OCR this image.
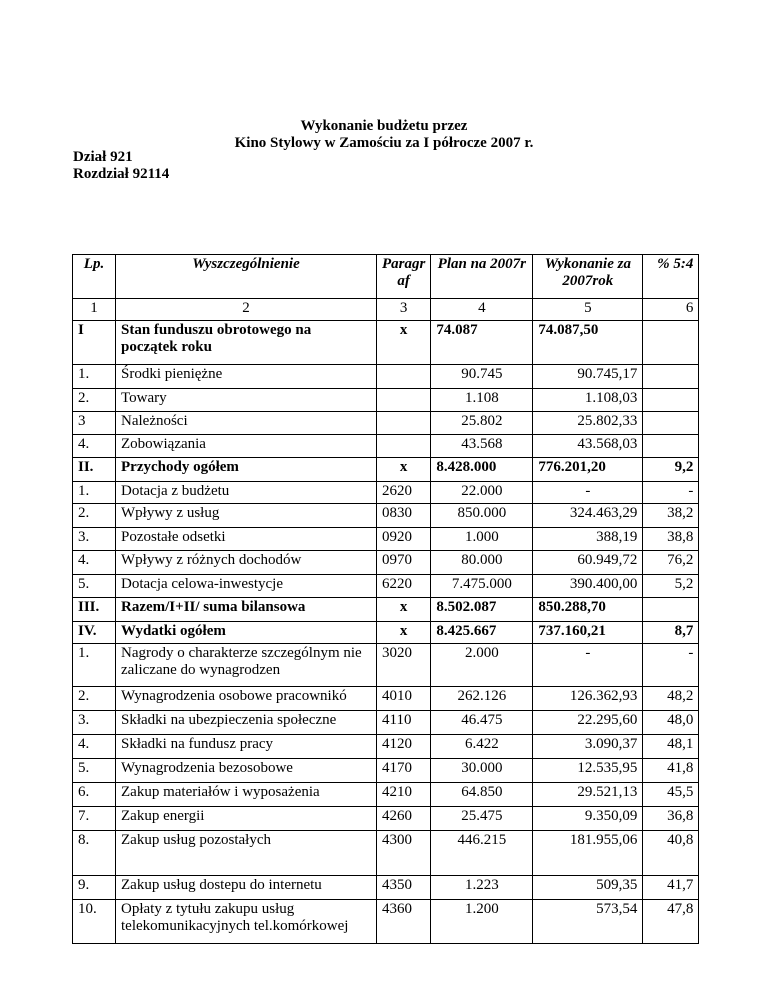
Wykonanie budżetu przez
Kino Stylowy w Zamościu za I półrocze 2007 r.
Dział 921
Rozdział 92114
Lp.	Wyszczególnienie	Paragr af	Plan na 2007r	Wykonanie za 2007rok	% 5:4
1	2	3	4	5	6
I	Stan funduszu obrotowego na początek roku	x	74.087	74.087,50	
1.	Środki pieniężne		90.745	90.745,17	
2.	Towary		1.108	1.108,03	
3	Należności		25.802	25.802,33	
4.	Zobowiązania		43.568	43.568,03	
II.	Przychody ogółem	x	8.428.000	776.201,20	9,2
1.	Dotacja z budżetu	2620	22.000	-	-
2.	Wpływy z usług	0830	850.000	324.463,29	38,2
3.	Pozostałe odsetki	0920	1.000	388,19	38,8
4.	Wpływy z różnych dochodów	0970	80.000	60.949,72	76,2
5.	Dotacja celowa-inwestycje	6220	7.475.000	390.400,00	5,2
III.	Razem/I+II/ suma bilansowa	x	8.502.087	850.288,70	
IV.	Wydatki ogółem	x	8.425.667	737.160,21	8,7
1.	Nagrody o charakterze szczególnym nie zaliczane do wynagrodzen	3020	2.000	-	-
2.	Wynagrodzenia osobowe pracownikó	4010	262.126	126.362,93	48,2
3.	Składki na ubezpieczenia społeczne	4110	46.475	22.295,60	48,0
4.	Składki na fundusz pracy	4120	6.422	3.090,37	48,1
5.	Wynagrodzenia bezosobowe	4170	30.000	12.535,95	41,8
6.	Zakup materiałów i wyposażenia	4210	64.850	29.521,13	45,5
7.	Zakup energii	4260	25.475	9.350,09	36,8
8.	Zakup usług pozostałych	4300	446.215	181.955,06	40,8
9.	Zakup usług dostepu do internetu	4350	1.223	509,35	41,7
10.	Opłaty z tytułu zakupu usług telekomunikacyjnych tel.komórkowej	4360	1.200	573,54	47,8
